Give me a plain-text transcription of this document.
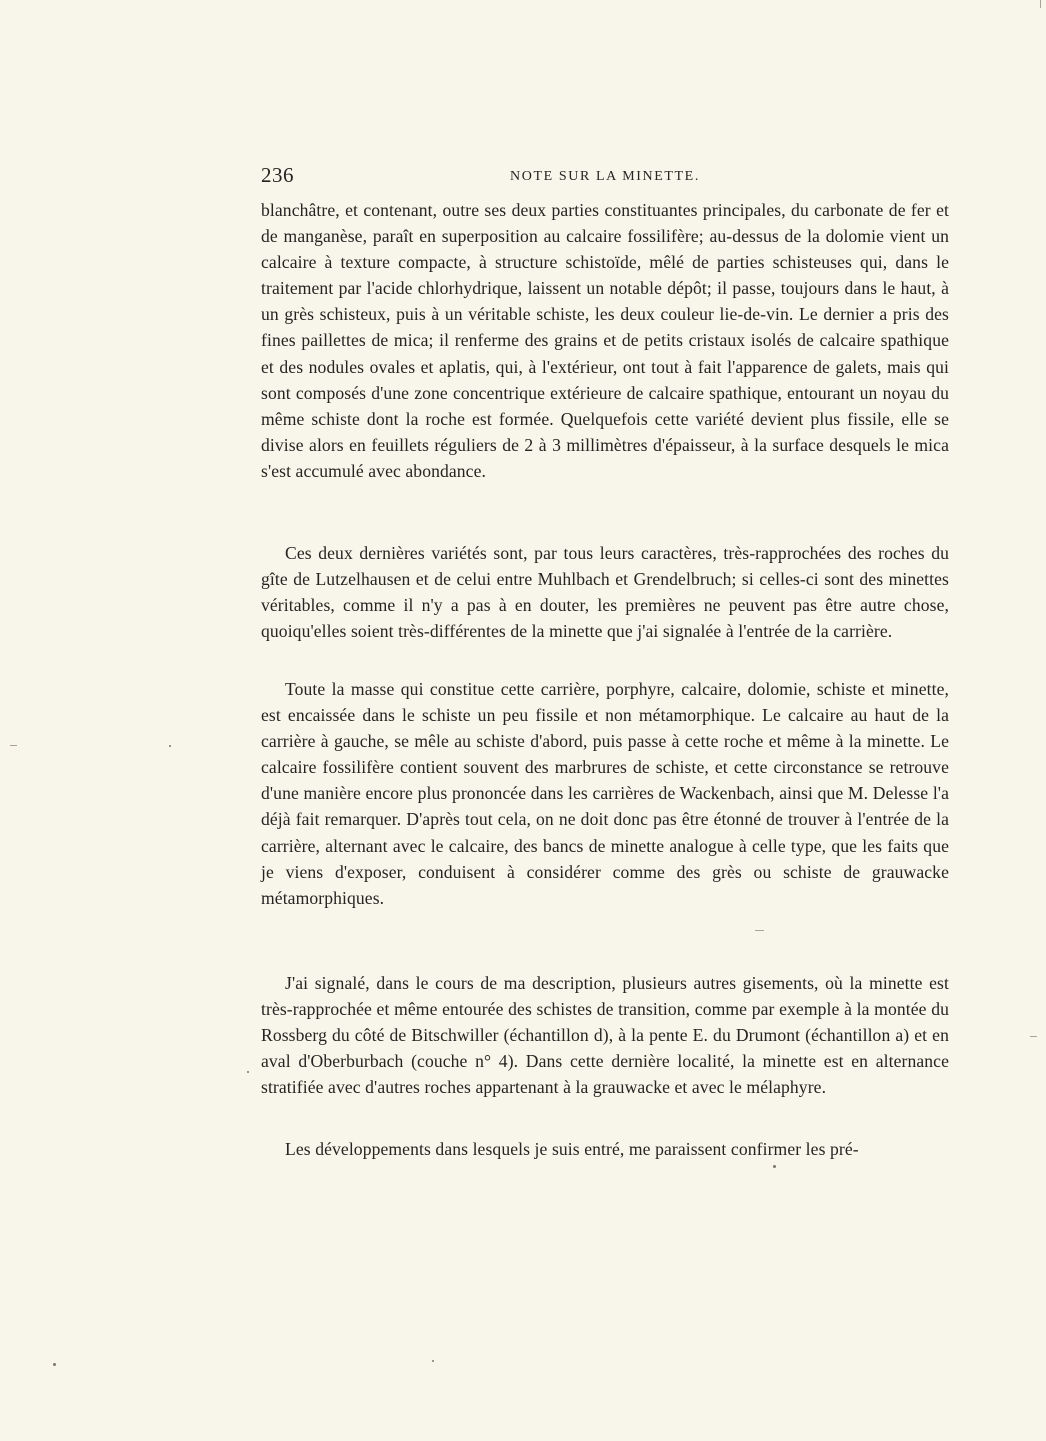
236	NOTE SUR LA MINETTE.

blanchâtre, et contenant, outre ses deux parties constituantes principales, du carbonate de fer et de manganèse, paraît en superposition au calcaire fossilifère; au-dessus de la dolomie vient un calcaire à texture compacte, à structure schistoïde, mêlé de parties schisteuses qui, dans le traitement par l'acide chlorhydrique, laissent un notable dépôt; il passe, toujours dans le haut, à un grès schisteux, puis à un véritable schiste, les deux couleur lie-de-vin. Le dernier a pris des fines paillettes de mica; il renferme des grains et de petits cristaux isolés de calcaire spathique et des nodules ovales et aplatis, qui, à l'extérieur, ont tout à fait l'apparence de galets, mais qui sont composés d'une zone concentrique extérieure de calcaire spathique, entourant un noyau du même schiste dont la roche est formée. Quelquefois cette variété devient plus fissile, elle se divise alors en feuillets réguliers de 2 à 3 millimètres d'épaisseur, à la surface desquels le mica s'est accumulé avec abondance.

Ces deux dernières variétés sont, par tous leurs caractères, très-rapprochées des roches du gîte de Lutzelhausen et de celui entre Muhlbach et Grendelbruch; si celles-ci sont des minettes véritables, comme il n'y a pas à en douter, les premières ne peuvent pas être autre chose, quoiqu'elles soient très-différentes de la minette que j'ai signalée à l'entrée de la carrière.

Toute la masse qui constitue cette carrière, porphyre, calcaire, dolomie, schiste et minette, est encaissée dans le schiste un peu fissile et non métamorphique. Le calcaire au haut de la carrière à gauche, se mêle au schiste d'abord, puis passe à cette roche et même à la minette. Le calcaire fossilifère contient souvent des marbrures de schiste, et cette circonstance se retrouve d'une manière encore plus prononcée dans les carrières de Wackenbach, ainsi que M. Delesse l'a déjà fait remarquer. D'après tout cela, on ne doit donc pas être étonné de trouver à l'entrée de la carrière, alternant avec le calcaire, des bancs de minette analogue à celle type, que les faits que je viens d'exposer, conduisent à considérer comme des grès ou schiste de grauwacke métamorphiques.

J'ai signalé, dans le cours de ma description, plusieurs autres gisements, où la minette est très-rapprochée et même entourée des schistes de transition, comme par exemple à la montée du Rossberg du côté de Bitschwiller (échantillon d), à la pente E. du Drumont (échantillon a) et en aval d'Oberburbach (couche n° 4). Dans cette dernière localité, la minette est en alternance stratifiée avec d'autres roches appartenant à la grauwacke et avec le mélaphyre.

Les développements dans lesquels je suis entré, me paraissent confirmer les pré-
